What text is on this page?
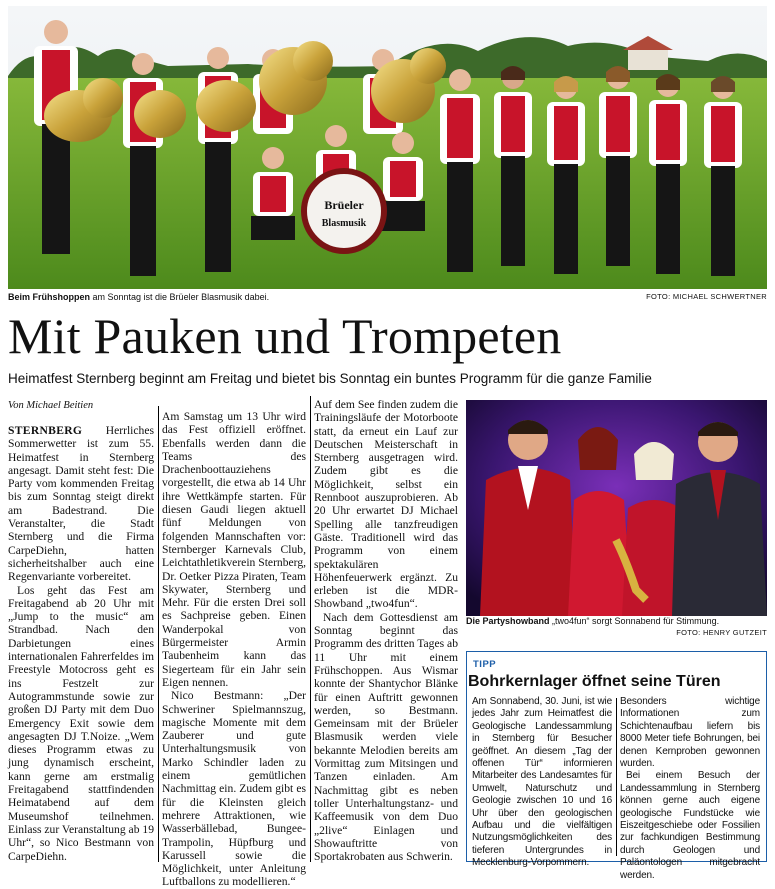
Brüeler
Blasmusik
Beim Frühshoppen am Sonntag ist die Brüeler Blasmusik dabei.	FOTO: MICHAEL SCHWERTNER
Mit Pauken und Trompeten
Heimatfest Sternberg beginnt am Freitag und bietet bis Sonntag ein buntes Programm für die ganze Familie
Von Michael Beitien

STERNBERG Herrliches Sommerwetter ist zum 55. Heimatfest in Sternberg angesagt. Damit steht fest: Die Party vom kommenden Freitag bis zum Sonntag steigt direkt am Badestrand. Die Veranstalter, die Stadt Sternberg und die Firma CarpeDiehn, hatten sicherheitshalber auch eine Regenvariante vorbereitet.

Los geht das Fest am Freitagabend ab 20 Uhr mit „Jump to the music“ am Strandbad. Nach den Darbietungen eines internationalen Fahrerfeldes im Freestyle Motocross geht es ins Festzelt zur Autogrammstunde sowie zur großen DJ Party mit dem Duo Emergency Exit sowie dem angesagten DJ T.Noize. „Wem dieses Programm etwas zu jung dynamisch erscheint, kann gerne am erstmalig Freitagabend stattfindenden Heimatabend auf dem Museumshof teilnehmen. Einlass zur Veranstaltung ab 19 Uhr“, so Nico Bestmann von CarpeDiehn.

Am Samstag um 13 Uhr wird das Fest offiziell eröffnet. Ebenfalls werden dann die Teams des Drachenboottauziehens vorgestellt, die etwa ab 14 Uhr ihre Wettkämpfe starten. Für diesen Gaudi liegen aktuell fünf Meldungen von folgenden Mannschaften vor: Sternberger Karnevals Club, Leichtathletikverein Sternberg, Dr. Oetker Pizza Piraten, Team Skywater, Sternberg und Mehr. Für die ersten Drei soll es Sachpreise geben. Einen Wanderpokal von Bürgermeister Armin Taubenheim kann das Siegerteam für ein Jahr sein Eigen nennen.

Nico Bestmann: „Der Schweriner Spielmannszug, magische Momente mit dem Zauberer und gute Unterhaltungsmusik von Marko Schindler laden zu einem gemütlichen Nachmittag ein. Zudem gibt es für die Kleinsten gleich mehrere Attraktionen, wie Wasserbällebad, Bungee-Trampolin, Hüpfburg und Karussell sowie die Möglichkeit, unter Anleitung Luftballons zu modellieren.“

Auf dem See finden zudem die Trainingsläufe der Motorboote statt, da erneut ein Lauf zur Deutschen Meisterschaft in Sternberg ausgetragen wird. Zudem gibt es die Möglichkeit, selbst ein Rennboot auszuprobieren. Ab 20 Uhr erwartet DJ Michael Spelling alle tanzfreudigen Gäste. Traditionell wird das Programm von einem spektakulären Höhenfeuerwerk ergänzt. Zu erleben ist die MDR-Showband „two4fun“.

Nach dem Gottesdienst am Sonntag beginnt das Programm des dritten Tages ab 11 Uhr mit einem Frühschoppen. Aus Wismar konnte der Shantychor Blänke für einen Auftritt gewonnen werden, so Bestmann. Gemeinsam mit der Brüeler Blasmusik werden viele bekannte Melodien bereits am Vormittag zum Mitsingen und Tanzen einladen. Am Nachmittag gibt es neben toller Unterhaltungstanz- und Kaffeemusik von dem Duo „2live“ Einlagen und Showauftritte von Sportakrobaten aus Schwerin.

Die Partyshowband „two4fun“ sorgt Sonnabend für Stimmung.
FOTO: HENRY GUTZEIT
TIPP
Bohrkernlager öffnet seine Türen

Am Sonnabend, 30. Juni, ist wie jedes Jahr zum Heimatfest die Geologische Landessammlung in Sternberg für Besucher geöffnet. An diesem „Tag der offenen Tür“ informieren Mitarbeiter des Landesamtes für Umwelt, Naturschutz und Geologie zwischen 10 und 16 Uhr über den geologischen Aufbau und die vielfältigen Nutzungsmöglichkeiten des tieferen Untergrundes in Mecklenburg-Vorpommern.

Besonders wichtige Informationen zum Schichtenaufbau liefern bis 8000 Meter tiefe Bohrungen, bei denen Kernproben gewonnen wurden.

Bei einem Besuch der Landessammlung in Sternberg können gerne auch eigene geologische Fundstücke wie Eiszeitgeschiebe oder Fossilien zur fachkundigen Bestimmung durch Geologen und Paläontologen mitgebracht werden.
